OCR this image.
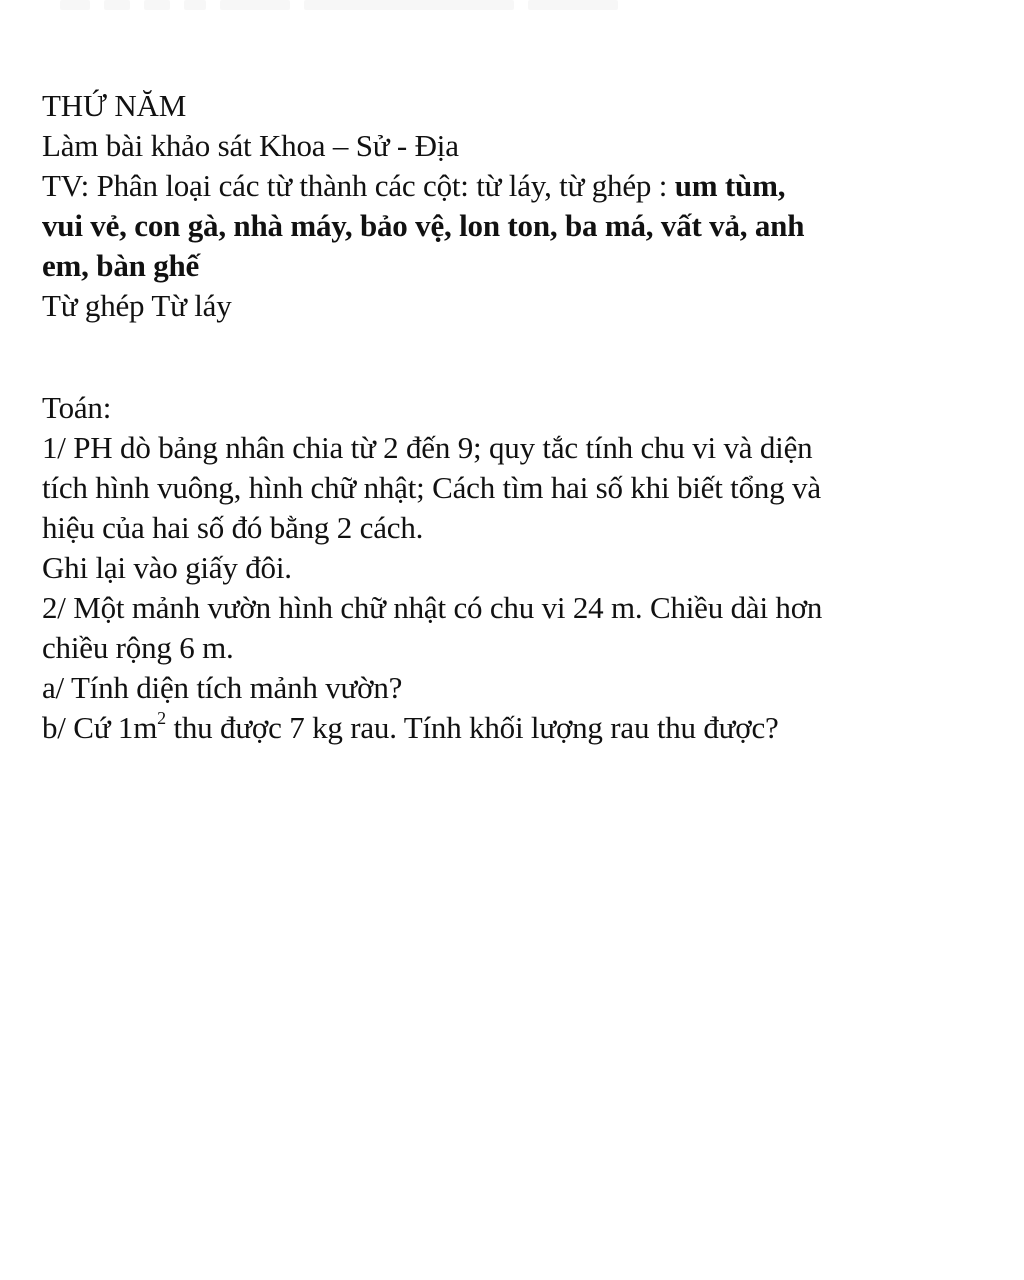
THỨ NĂM

Làm bài khảo sát Khoa – Sử - Địa

TV: Phân loại các từ thành các cột: từ láy, từ ghép : um tùm,

vui vẻ, con gà, nhà máy, bảo vệ, lon ton, ba má, vất vả, anh

em, bàn ghế

Từ ghép Từ láy

Toán:

1/ PH dò bảng nhân chia từ 2 đến 9; quy tắc tính chu vi và diện

tích hình vuông, hình chữ nhật; Cách tìm hai số khi biết tổng và

hiệu của hai số đó bằng 2 cách.

Ghi lại vào giấy đôi.

2/ Một mảnh vườn hình chữ nhật có chu vi 24 m. Chiều dài hơn

chiều rộng 6 m.

a/ Tính diện tích mảnh vườn?

b/ Cứ $1m^2$ thu được 7 kg rau. Tính khối lượng rau thu được?
